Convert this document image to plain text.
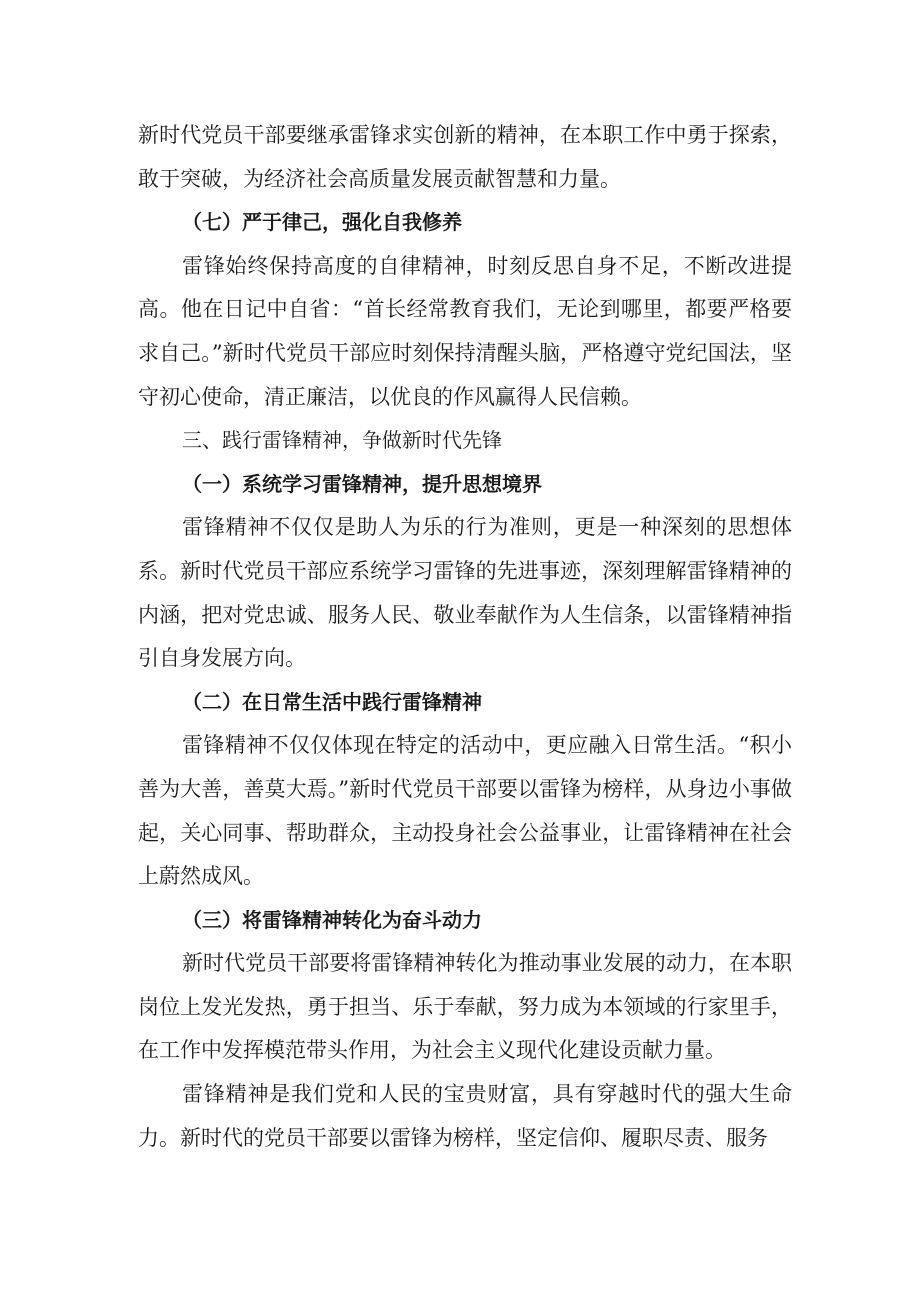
新时代党员干部要继承雷锋求实创新的精神，在本职工作中勇于探索，敢于突破，为经济社会高质量发展贡献智慧和力量。

（七）严于律己，强化自我修养

雷锋始终保持高度的自律精神，时刻反思自身不足，不断改进提高。他在日记中自省：“首长经常教育我们，无论到哪里，都要严格要求自己。”新时代党员干部应时刻保持清醒头脑，严格遵守党纪国法，坚守初心使命，清正廉洁，以优良的作风赢得人民信赖。

三、践行雷锋精神，争做新时代先锋

（一）系统学习雷锋精神，提升思想境界

雷锋精神不仅仅是助人为乐的行为准则，更是一种深刻的思想体系。新时代党员干部应系统学习雷锋的先进事迹，深刻理解雷锋精神的内涵，把对党忠诚、服务人民、敬业奉献作为人生信条，以雷锋精神指引自身发展方向。

（二）在日常生活中践行雷锋精神

雷锋精神不仅仅体现在特定的活动中，更应融入日常生活。“积小善为大善，善莫大焉。”新时代党员干部要以雷锋为榜样，从身边小事做起，关心同事、帮助群众，主动投身社会公益事业，让雷锋精神在社会上蔚然成风。

（三）将雷锋精神转化为奋斗动力

新时代党员干部要将雷锋精神转化为推动事业发展的动力，在本职岗位上发光发热，勇于担当、乐于奉献，努力成为本领域的行家里手，在工作中发挥模范带头作用，为社会主义现代化建设贡献力量。

雷锋精神是我们党和人民的宝贵财富，具有穿越时代的强大生命力。新时代的党员干部要以雷锋为榜样，坚定信仰、履职尽责、服务
